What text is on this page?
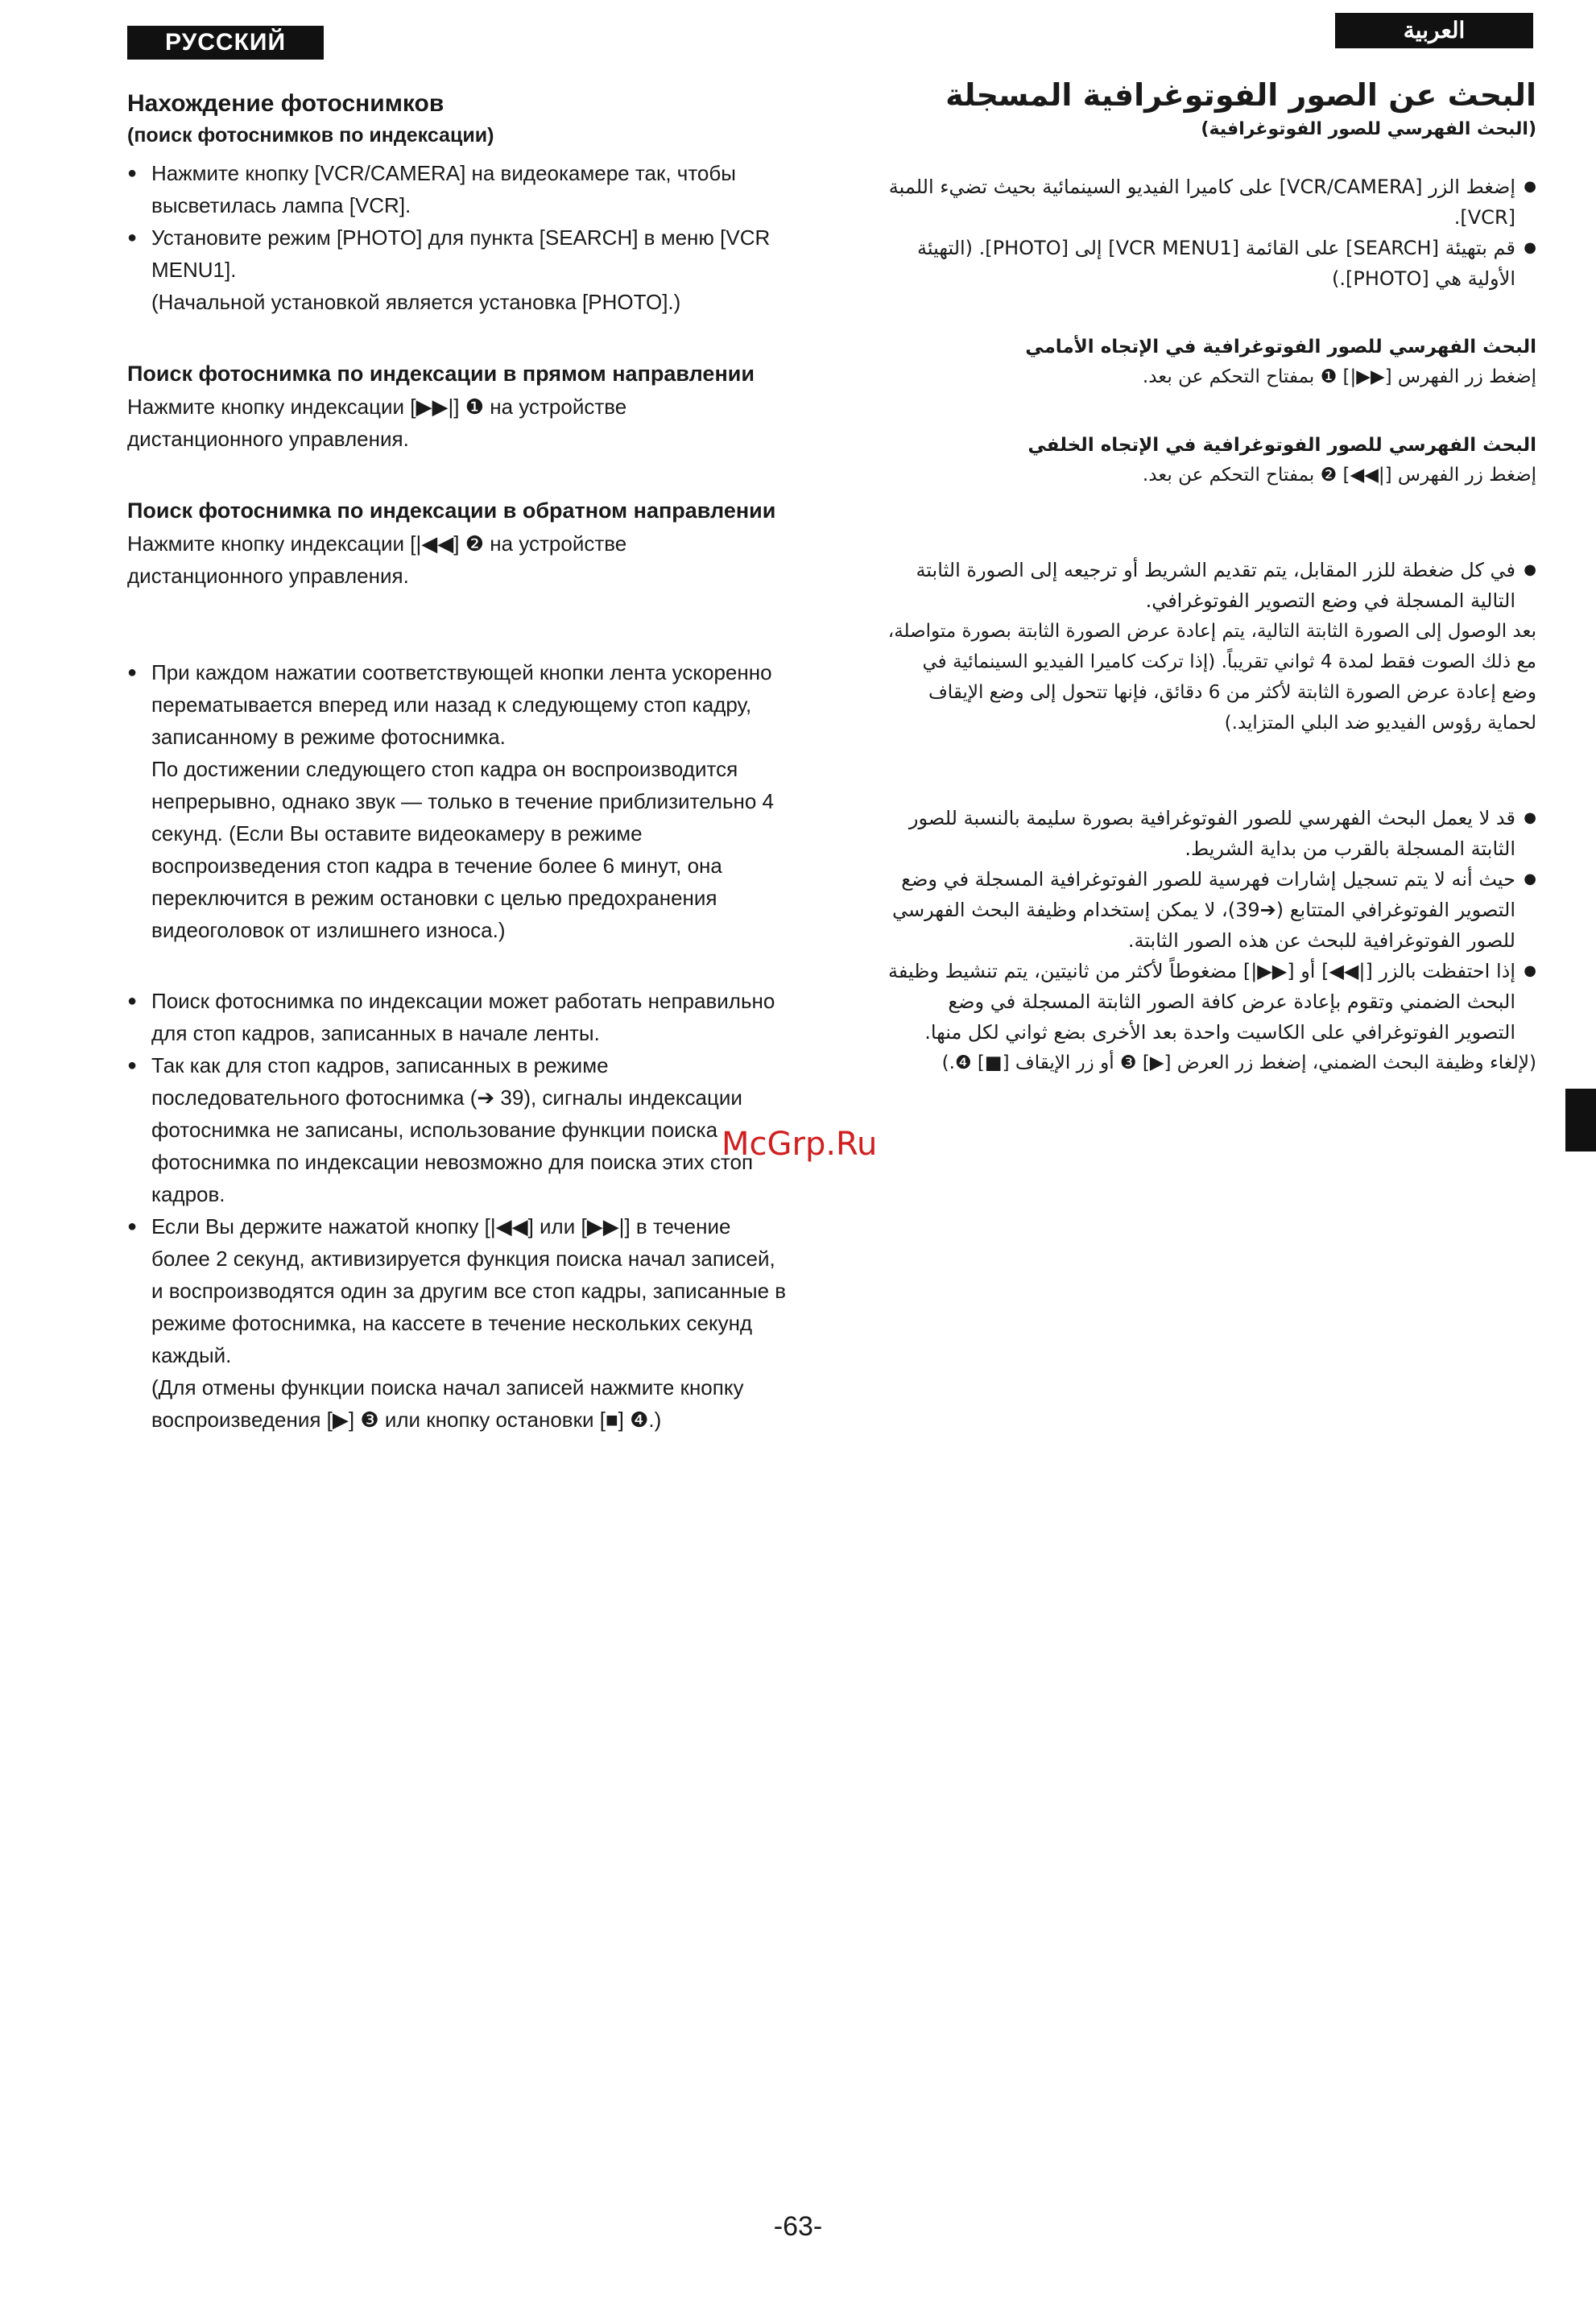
РУССКИЙ ЯЗЫК
العربية
Нахождение фотоснимков
(поиск фотоснимков по индексации)
● Нажмите кнопку [VCR/CAMERA] на видеокамере так, чтобы высветилась лампа [VCR].
● Установите режим [PHOTO] для пункта [SEARCH] в меню [VCR MENU1].
(Начальной установкой является установка [PHOTO].)
Поиск фотоснимка по индексации в прямом направлении
Нажмите кнопку индексации [▶▶|] ❶ на устройстве дистанционного управления.
Поиск фотоснимка по индексации в обратном направлении
Нажмите кнопку индексации [|◀◀] ❷ на устройстве дистанционного управления.
● При каждом нажатии соответствующей кнопки лента ускоренно перематывается вперед или назад к следующему стоп кадру, записанному в режиме фотоснимка.
По достижении следующего стоп кадра он воспроизводится непрерывно, однако звук — только в течение приблизительно 4 секунд. (Если Вы оставите видеокамеру в режиме воспроизведения стоп кадра в течение более 6 минут, она переключится в режим остановки с целью предохранения видеоголовок от излишнего износа.)
● Поиск фотоснимка по индексации может работать неправильно для стоп кадров, записанных в начале ленты.
● Так как для стоп кадров, записанных в режиме последовательного фотоснимка (➔ 39), сигналы индексации фотоснимка не записаны, использование функции поиска фотоснимка по индексации невозможно для поиска этих стоп кадров.
● Если Вы держите нажатой кнопку [|◀◀] или [▶▶|] в течение более 2 секунд, активизируется функция поиска начал записей, и воспроизводятся один за другим все стоп кадры, записанные в режиме фотоснимка, на кассете в течение нескольких секунд каждый.
(Для отмены функции поиска начал записей нажмите кнопку воспроизведения [▶] ❸ или кнопку остановки [■] ❹.)
البحث عن الصور الفوتوغرافية المسجلة
(البحث الفهرسي للصور الفوتوغرافية)
● إضغط الزر [VCR/CAMERA] على كاميرا الفيديو السينمائية بحيث تضيء اللمبة [VCR].
● قم بتهيئة [SEARCH] على القائمة [VCR MENU1] إلى [PHOTO]. (التهيئة الأولية هي [PHOTO].)
البحث الفهرسي للصور الفوتوغرافية في الإتجاه الأمامي
إضغط زر الفهرس [▶▶|] ❶ بمفتاح التحكم عن بعد.
البحث الفهرسي للصور الفوتوغرافية في الإتجاه الخلفي
إضغط زر الفهرس [|◀◀] ❷ بمفتاح التحكم عن بعد.
● في كل ضغطة للزر المقابل، يتم تقديم الشريط أو ترجيعه إلى الصورة الثابتة التالية المسجلة في وضع التصوير الفوتوغرافي.
بعد الوصول إلى الصورة الثابتة التالية، يتم إعادة عرض الصورة الثابتة بصورة متواصلة، مع ذلك الصوت فقط لمدة 4 ثواني تقريباً. (إذا تركت كاميرا الفيديو السينمائية في وضع إعادة عرض الصورة الثابتة لأكثر من 6 دقائق، فإنها تتحول إلى وضع الإيقاف لحماية رؤوس الفيديو ضد البلي المتزايد.)
● قد لا يعمل البحث الفهرسي للصور الفوتوغرافية بصورة سليمة بالنسبة للصور الثابتة المسجلة بالقرب من بداية الشريط.
● حيث أنه لا يتم تسجيل إشارات فهرسية للصور الفوتوغرافية المسجلة في وضع التصوير الفوتوغرافي المتتابع (➔39)، لا يمكن إستخدام وظيفة البحث الفهرسي للصور الفوتوغرافية للبحث عن هذه الصور الثابتة.
● إذا احتفظت بالزر [|◀◀] أو [▶▶|] مضغوطاً لأكثر من ثانيتين، يتم تنشيط وظيفة البحث الضمني وتقوم بإعادة عرض كافة الصور الثابتة المسجلة في وضع التصوير الفوتوغرافي على الكاسيت واحدة بعد الأخرى بضع ثواني لكل منها.
(لإلغاء وظيفة البحث الضمني، إضغط زر العرض [▶] ❸ أو زر الإيقاف [■] ❹.)
McGrp.Ru
-63-
